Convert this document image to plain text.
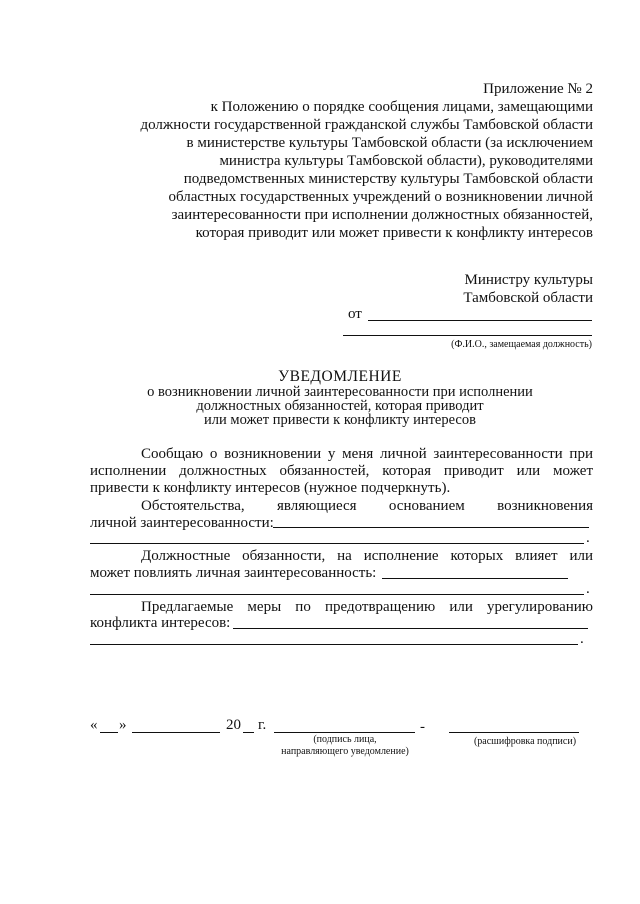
Приложение № 2
к Положению о порядке сообщения лицами, замещающими
должности государственной гражданской службы Тамбовской области
в министерстве культуры Тамбовской области (за исключением
министра культуры Тамбовской области), руководителями
подведомственных министерству культуры Тамбовской области
областных государственных учреждений о возникновении личной
заинтересованности при исполнении должностных обязанностей,
которая приводит или может привести к конфликту интересов
Министру культуры
Тамбовской области
от
(Ф.И.О., замещаемая должность)
УВЕДОМЛЕНИЕ
о возникновении личной заинтересованности при исполнении
должностных обязанностей, которая приводит
или может привести к конфликту интересов
Сообщаю о возникновении у меня личной заинтересованности при
исполнении должностных обязанностей, которая приводит или может
привести к конфликту интересов (нужное подчеркнуть).
Обстоятельства, являющиеся основанием возникновения
личной заинтересованности:
.
Должностные обязанности, на исполнение которых влияет или
может повлиять личная заинтересованность:
.
Предлагаемые меры по предотвращению или урегулированию
конфликта интересов:
.
« »	20 г.	-
(подпись лица,
направляющего уведомление)
(расшифровка подписи)
